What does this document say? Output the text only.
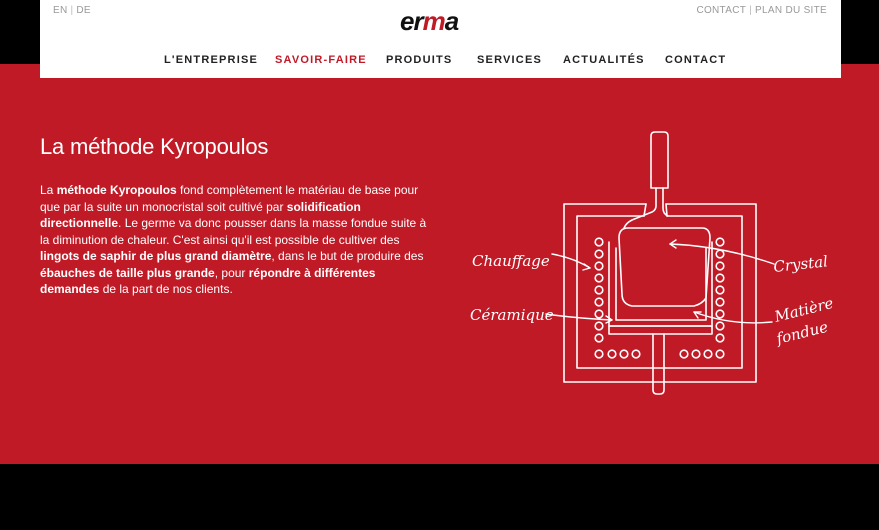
EN | DE	erma	CONTACT | PLAN DU SITE
L'ENTREPRISE SAVOIR-FAIRE PRODUITS SERVICES ACTUALITÉS CONTACT
La méthode Kyropoulos

La méthode Kyropoulos fond complètement le matériau de base pour que par la suite un monocristal soit cultivé par solidification directionnelle. Le germe va donc pousser dans la masse fondue suite à la diminution de chaleur. C'est ainsi qu'il est possible de cultiver des lingots de saphir de plus grand diamètre, dans le but de produire des ébauches de taille plus grande, pour répondre à différentes demandes de la part de nos clients.

Chauffage
Céramique
Crystal
Matière
fondue
